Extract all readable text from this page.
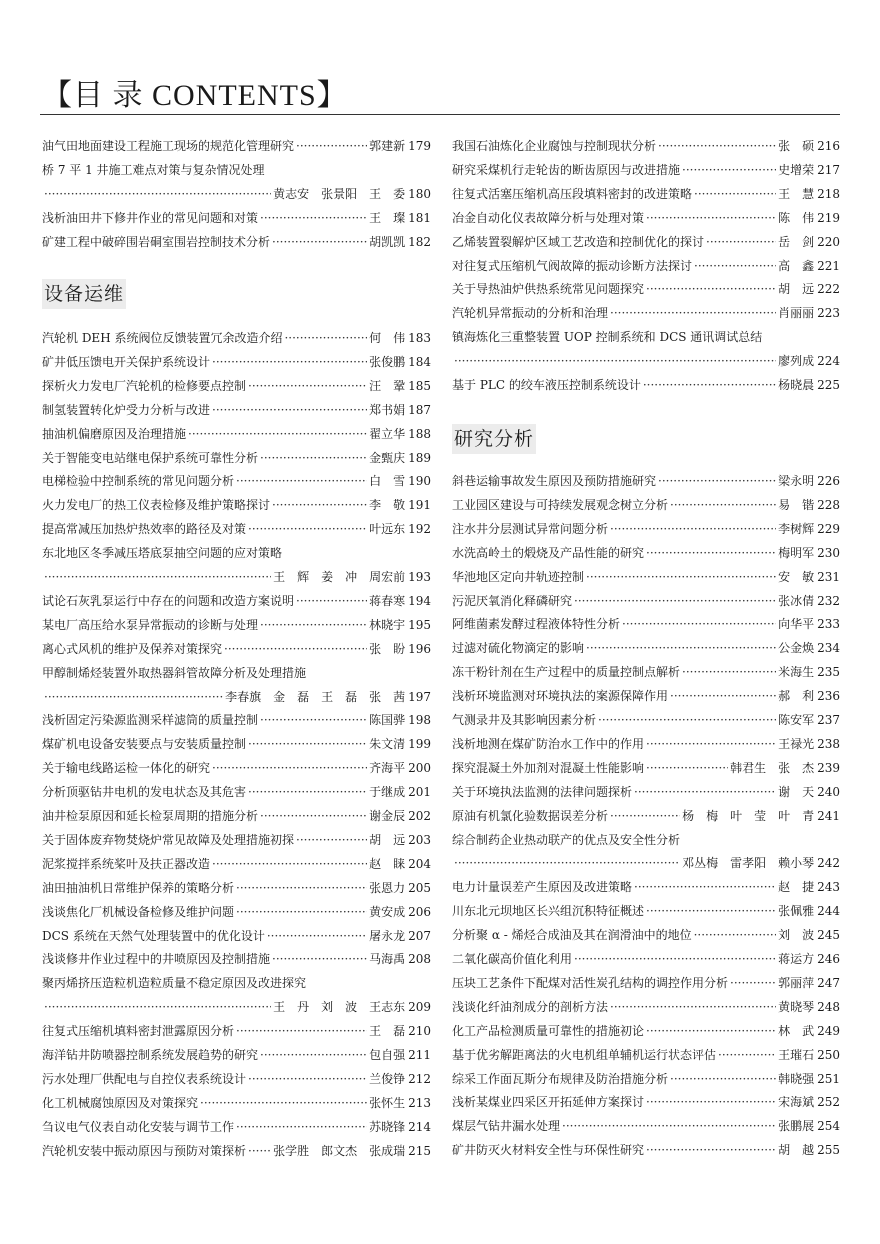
【目 录 CONTENTS】
油气田地面建设工程施工现场的规范化管理研究 ·····	郭建新 179
桥 7 平 1 井施工难点对策与复杂情况处理
·····
黄志安　张景阳　王　委 180
浅析油田井下修井作业的常见问题和对策 ·····	王　璨 181
矿建工程中破碎围岩硐室围岩控制技术分析 ·····	胡凯凯 182
设备运维
汽轮机 DEH 系统阀位反馈装置冗余改造介绍 ·····	何　伟 183
矿井低压馈电开关保护系统设计 ·····	张俊鹏 184
探析火力发电厂汽轮机的检修要点控制 ·····	汪　鞏 185
制氢装置转化炉受力分析与改进 ·····	郑书娟 187
抽油机偏磨原因及治理措施 ·····	翟立华 188
关于智能变电站继电保护系统可靠性分析 ·····	金甄庆 189
电梯检验中控制系统的常见问题分析 ·····	白　雪 190
火力发电厂的热工仪表检修及维护策略探讨 ·····	李　敬 191
提高常减压加热炉热效率的路径及对策 ·····	叶远东 192
东北地区冬季减压塔底泵抽空问题的应对策略
·····
王　辉　姜　冲　周宏前 193
试论石灰乳泵运行中存在的问题和改造方案说明 ·····	蒋春寒 194
某电厂高压给水泵异常振动的诊断与处理 ·····	林晓宇 195
离心式风机的维护及保养对策探究 ·····	张　盼 196
甲醇制烯烃装置外取热器斜管故障分析及处理措施
·····
李春旗　金　磊　王　磊　张　茜 197
浅析固定污染源监测采样滤筒的质量控制 ·····	陈国骅 198
煤矿机电设备安装要点与安装质量控制 ·····	朱文清 199
关于输电线路运检一体化的研究 ·····	齐海平 200
分析顶驱钻井电机的发电状态及其危害 ·····	于继成 201
油井检泵原因和延长检泵周期的措施分析 ·····	谢金辰 202
关于固体废弃物焚烧炉常见故障及处理措施初探 ·····	胡　远 203
泥浆搅拌系统桨叶及扶正器改造 ·····	赵　睐 204
油田抽油机日常维护保养的策略分析 ·····	张恩力 205
浅谈焦化厂机械设备检修及维护问题 ·····	黄安成 206
DCS 系统在天然气处理装置中的优化设计 ·····	屠永龙 207
浅谈修井作业过程中的井喷原因及控制措施 ·····	马海禹 208
聚丙烯挤压造粒机造粒质量不稳定原因及改进探究
·····
王　丹　刘　波　王志东 209
往复式压缩机填料密封泄露原因分析 ·····	王　磊 210
海洋钻井防喷器控制系统发展趋势的研究 ·····	包自强 211
污水处理厂供配电与自控仪表系统设计 ·····	兰俊铮 212
化工机械腐蚀原因及对策探究 ·····	张怀生 213
刍议电气仪表自动化安装与调节工作 ·····	苏晓锋 214
汽轮机安装中振动原因与预防对策探析 ····· 张学胜　郎文杰　张成瑞 215
我国石油炼化企业腐蚀与控制现状分析 ·····	张　硕 216
研究采煤机行走轮齿的断齿原因与改进措施 ·····	史增荣 217
往复式活塞压缩机高压段填料密封的改进策略 ·····	王　慧 218
冶金自动化仪表故障分析与处理对策 ·····	陈　伟 219
乙烯装置裂解炉区域工艺改造和控制优化的探讨 ·····	岳　剑 220
对往复式压缩机气阀故障的振动诊断方法探讨 ·····	高　鑫 221
关于导热油炉供热系统常见问题探究 ·····	胡　远 222
汽轮机异常振动的分析和治理 ·····	肖丽丽 223
镇海炼化三重整装置 UOP 控制系统和 DCS 通讯调试总结
·····
廖列成 224
基于 PLC 的绞车液压控制系统设计 ·····	杨晓晨 225
研究分析
斜巷运输事故发生原因及预防措施研究 ·····	梁永明 226
工业园区建设与可持续发展观念树立分析 ·····	易　锴 228
注水井分层测试异常问题分析 ·····	李树辉 229
水洗高岭土的煅烧及产品性能的研究 ·····	梅明军 230
华池地区定向井轨迹控制 ·····	安　敏 231
污泥厌氧消化释磷研究 ·····	张冰倩 232
阿维菌素发酵过程液体特性分析 ·····	向华平 233
过滤对硫化物滴定的影响 ·····	公金焕 234
冻干粉针剂在生产过程中的质量控制点解析 ·····	米海生 235
浅析环境监测对环境执法的案源保障作用 ·····	郝　利 236
气测录井及其影响因素分析 ·····	陈安军 237
浅析地测在煤矿防治水工作中的作用 ·····	王禄光 238
探究混凝土外加剂对混凝土性能影响 ·····	韩君生　张　杰 239
关于环境执法监测的法律问题探析 ·····	谢　天 240
原油有机氯化验数据误差分析 ·····	杨　梅　叶　莹　叶　青 241
综合制药企业热动联产的优点及安全性分析
·····
邓丛梅　雷孝阳　赖小琴 242
电力计量误差产生原因及改进策略 ·····	赵　捷 243
川东北元坝地区长兴组沉积特征概述 ·····	张佩雅 244
分析聚 α - 烯烃合成油及其在润滑油中的地位 ·····	刘　波 245
二氧化碳高价值化利用 ·····	蒋运方 246
压块工艺条件下配煤对活性炭孔结构的调控作用分析 ·····	郭丽萍 247
浅谈化纤油剂成分的剖析方法 ·····	黄晓琴 248
化工产品检测质量可靠性的措施初论 ·····	林　武 249
基于优劣解距离法的火电机组单辅机运行状态评估 ·····	王璀石 250
综采工作面瓦斯分布规律及防治措施分析 ·····	韩晓强 251
浅析某煤业四采区开拓延伸方案探讨 ·····	宋海斌 252
煤层气钻井漏水处理 ·····	张鹏展 254
矿井防灭火材料安全性与环保性研究 ·····	胡　越 255
